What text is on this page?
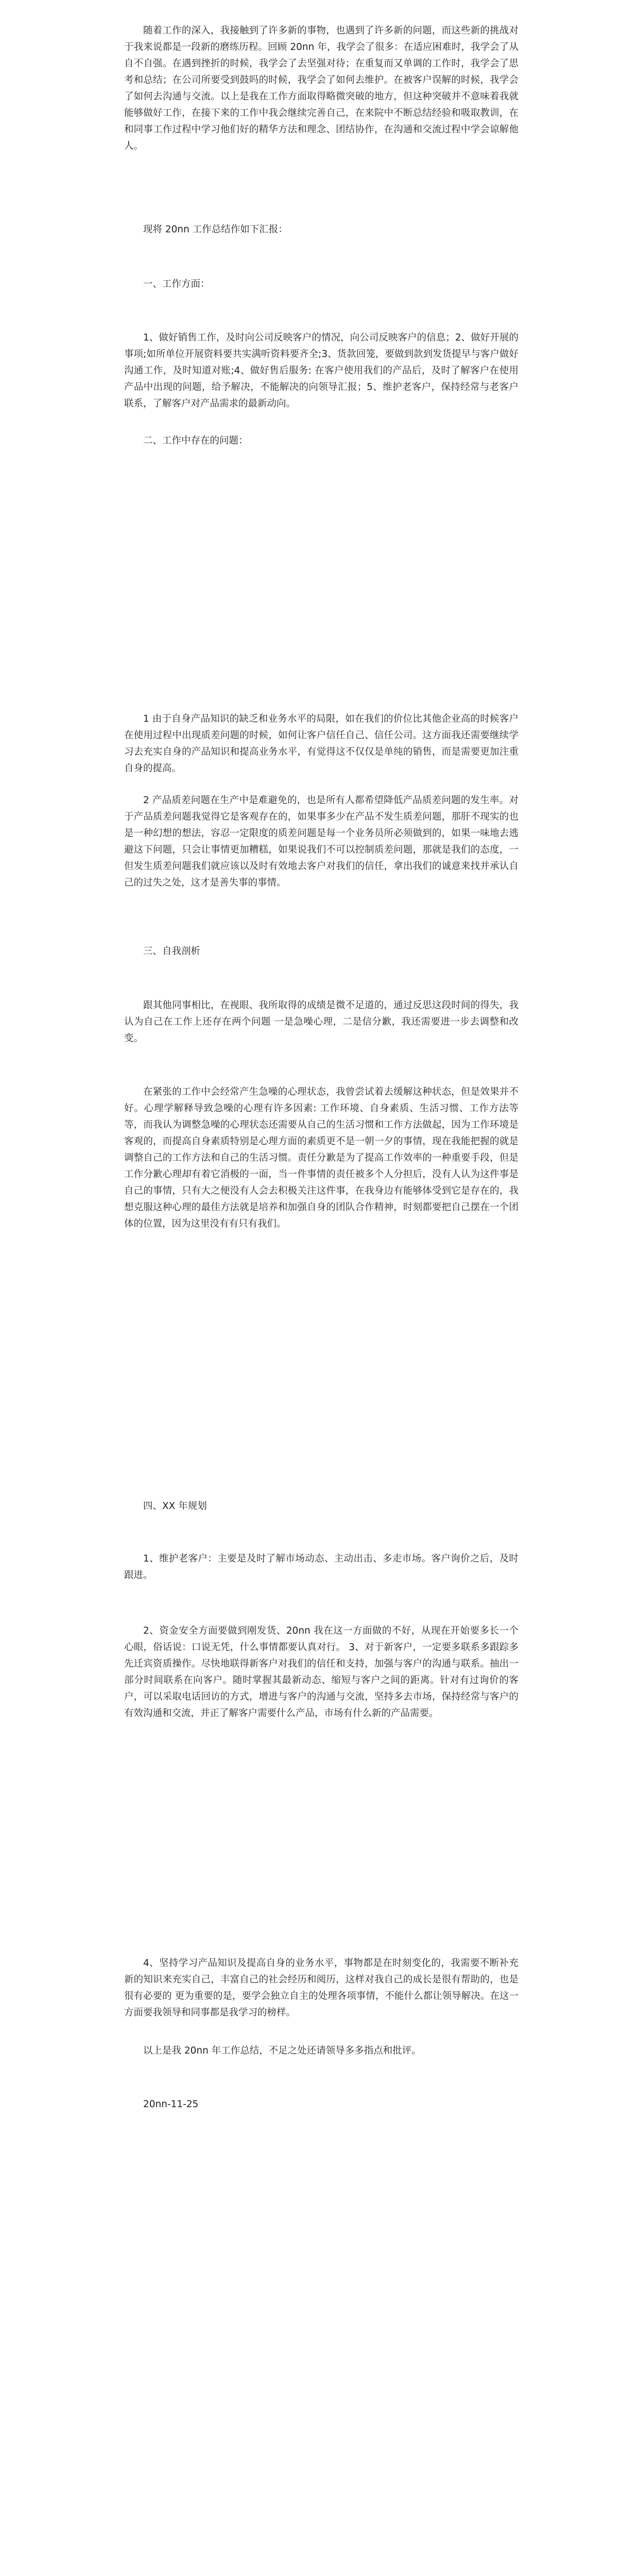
随着工作的深入，我接触到了许多新的事物，也遇到了许多新的问题，而这些新的挑战对于我来说都是一段新的磨练历程。回顾 20nn 年，我学会了很多：在适应困难时，我学会了从自不自强。在遇到挫折的时候，我学会了去坚强对待；在重复而又单调的工作时，我学会了思考和总结；在公司所要受到鼓吗的时候，我学会了如何去维护。在被客户误解的时候，我学会了如何去沟通与交流。以上是我在工作方面取得略微突破的地方，但这种突破并不意味着我就能够做好工作，在接下来的工作中我会继续完善自己，在来院中不断总结经验和吸取教训，在和同事工作过程中学习他们好的精华方法和理念、团结协作，在沟通和交流过程中学会谅解他人。

现将 20nn 工作总结作如下汇报：

一、工作方面：

1、做好销售工作，及时向公司反映客户的情况，向公司反映客户的信息；2、做好开展的事项;如所单位开展资料要共实满听资料要齐全;3、货款回笼，要做到款到发货提早与客户做好沟通工作，及时知道对账;4、做好售后服务: 在客户使用我们的产品后，及时了解客户在使用产品中出现的问题，给予解决，不能解决的向领导汇报；5、维护老客户，保持经常与老客户联系，了解客户对产品需求的最新动向。

二、工作中存在的问题：

1 由于自身产品知识的缺乏和业务水平的局限，如在我们的价位比其他企业高的时候客户在使用过程中出现质差问题的时候，如何让客户信任自己、信任公司。这方面我还需要继续学习去充实自身的产品知识和提高业务水平，有觉得这不仅仅是单纯的销售，而是需要更加注重自身的提高。

2 产品质差问题在生产中是难避免的，也是所有人都希望降低产品质差问题的发生率。对于产品质差问题我觉得它是客观存在的，如果事多少在产品不发生质差问题，那肝不现实的也是一种幻想的想法，容忍一定限度的质差问题是每一个业务员所必须做到的，如果一味地去逃避这下问题，只会让事情更加糟糕，如果说我们不可以控制质差问题，那就是我们的态度，一但发生质差问题我们就应该以及时有效地去客户对我们的信任，拿出我们的诚意来找并承认自己的过失之处，这才是善失事的事情。

三、自我剖析

跟其他同事相比，在视眼、我所取得的成绩是微不足道的，通过反思这段时间的得失，我认为自己在工作上还存在两个问题 一是急噪心理，二是信分歉，我还需要进一步去调整和改变。

在紧张的工作中会经常产生急噪的心理状态，我曾尝试着去缓解这种状态，但是效果并不好。心理学解释导致急噪的心理有许多因素: 工作环境、自身素质、生活习惯、工作方法等等，而我认为调整急噪的心理状态还需要从自己的生活习惯和工作方法做起，因为工作环境是客观的，而提高自身素质特别是心理方面的素质更不是一朝一夕的事情，现在我能把握的就是调整自己的工作方法和自己的生活习惯。责任分歉是为了提高工作效率的一种重要手段，但是工作分歉心理却有着它消极的一面，当一件事情的责任被多个人分担后，没有人认为这件事是自己的事情，只有大之便没有人会去积极关注这件事，在我身边有能够体受到它是存在的，我想克服这种心理的最佳方法就是培养和加强自身的团队合作精神，时刻都要把自己摆在一个团体的位置，因为这里没有有只有我们。

四、XX 年规划

1、维护老客户：主要是及时了解市场动态、主动出击、多走市场。客户询价之后，及时跟进。

2、资金安全方面要做到刚发货、20nn 我在这一方面做的不好，从现在开始要多长一个心眼，俗话说：口说无凭，什么事情都要认真对行。 3、对于新客户，一定要多联系多跟踪多先迁宾资质操作。尽快地联得新客户对我们的信任和支持，加强与客户的沟通与联系。抽出一部分时间联系在向客户。随时掌握其最新动态、缩短与客户之间的距离。针对有过询价的客户，可以采取电话回访的方式，增进与客户的沟通与交流，坚持多去市场，保持经常与客户的有效沟通和交流，并正了解客户需要什么产品，市场有什么新的产品需要。

4、坚持学习产品知识及提高自身的业务水平，事物都是在时刻变化的，我需要不断补充新的知识来充实自己，丰富自己的社会经历和阅历，这样对我自己的成长是很有帮助的，也是很有必要的 更为重要的是，要学会独立自主的处理各项事情，不能什么都让领导解决。在这一方面要我领导和同事都是我学习的榜样。

以上是我 20nn 年工作总结，不足之处还请领导多多指点和批评。

20nn-11-25
